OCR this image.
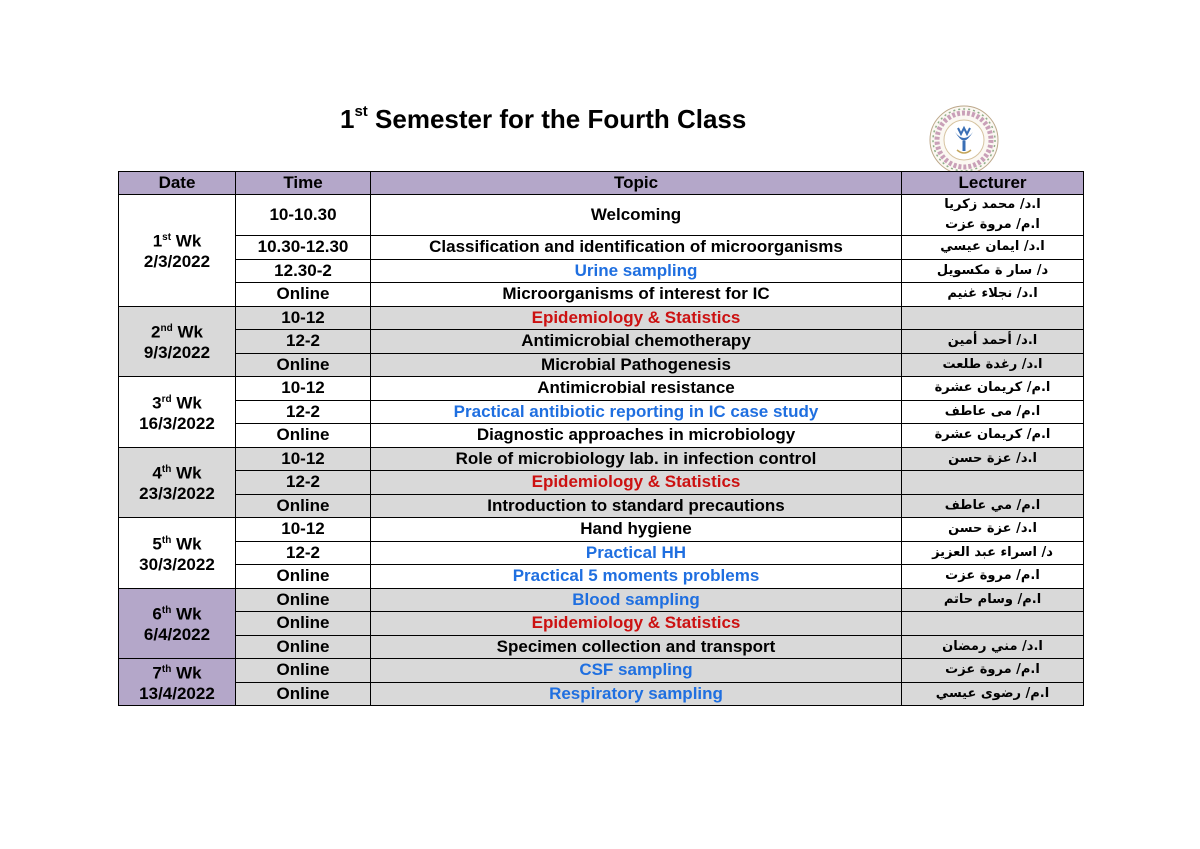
1st Semester for the Fourth Class
Date	Time	Topic	Lecturer
1st Wk
2/3/2022	10-10.30	Welcoming	ا.د/ محمد زكريا
ا.م/ مروة عزت

	10.30-12.30	Classification and identification of microorganisms	ا.د/ ايمان عيسي

	12.30-2	Urine sampling	د/ سار ة مكسويل

	Online	Microorganisms of interest for IC	ا.د/ نجلاء غنيم

2nd Wk
9/3/2022	10-12	Epidemiology & Statistics	
	12-2	Antimicrobial chemotherapy	ا.د/ أحمد أمين

	Online	Microbial Pathogenesis	ا.د/ رغدة طلعت

3rd Wk
16/3/2022	10-12	Antimicrobial resistance	ا.م/ كريمان عشرة

	12-2	Practical antibiotic reporting in IC case study	ا.م/ مى عاطف

	Online	Diagnostic approaches in microbiology	ا.م/ كريمان عشرة

4th Wk
23/3/2022	10-12	Role of microbiology lab. in infection control	ا.د/ عزة حسن

	12-2	Epidemiology & Statistics	
	Online	Introduction to standard precautions	ا.م/ مي عاطف

5th Wk
30/3/2022	10-12	Hand hygiene	ا.د/ عزة حسن

	12-2	Practical HH	د/ اسراء عبد العزيز

	Online	Practical 5 moments problems	ا.م/ مروة عزت

6th Wk
6/4/2022	Online	Blood sampling	ا.م/ وسام حاتم

	Online	Epidemiology & Statistics	
	Online	Specimen collection and transport	ا.د/ مني رمضان

7th Wk
13/4/2022	Online	CSF sampling	ا.م/ مروة عزت

	Online	Respiratory sampling	ا.م/ رضوى عيسي
